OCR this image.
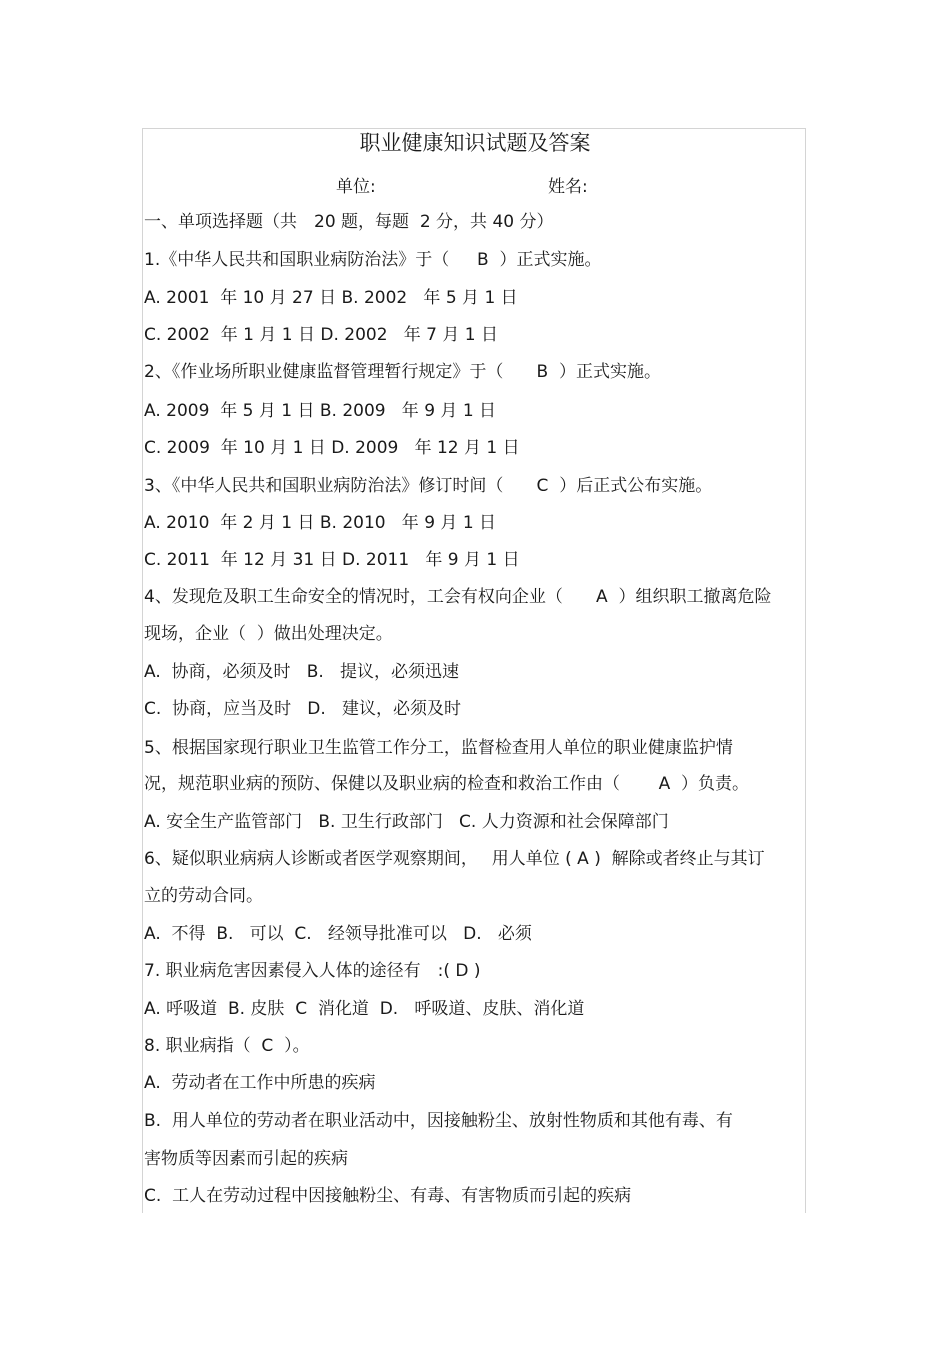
职业健康知识试题及答案
单位:	姓名:
一、单项选择题（共　20 题，每题  2 分，共 40 分）
1.《中华人民共和国职业病防治法》于（　  B  ）正式实施。
A. 2001  年 10 月 27 日 B. 2002   年 5 月 1 日
C. 2002  年 1 月 1 日 D. 2002   年 7 月 1 日
2、《作业场所职业健康监督管理暂行规定》于（　   B  ）正式实施。
A. 2009  年 5 月 1 日 B. 2009   年 9 月 1 日
C. 2009  年 10 月 1 日 D. 2009   年 12 月 1 日
3、《中华人民共和国职业病防治法》修订时间（　   C  ）后正式公布实施。
A. 2010  年 2 月 1 日 B. 2010   年 9 月 1 日
C. 2011  年 12 月 31 日 D. 2011   年 9 月 1 日
4、发现危及职工生命安全的情况时，工会有权向企业（　   A  ）组织职工撤离危险
现场，企业（  ）做出处理决定。
A.  协商，必须及时   B.   提议，必须迅速
C.  协商，应当及时   D.   建议，必须及时
5、根据国家现行职业卫生监管工作分工，监督检查用人单位的职业健康监护情
况，规范职业病的预防、保健以及职业病的检查和救治工作由（　    A  ）负责。
A. 安全生产监管部门   B. 卫生行政部门   C. 人力资源和社会保障部门
6、疑似职业病病人诊断或者医学观察期间，　 用人单位 ( A )  解除或者终止与其订
立的劳动合同。
A.  不得  B.   可以  C.   经领导批准可以   D.   必须
7. 职业病危害因素侵入人体的途径有　:( D )
A. 呼吸道  B. 皮肤  C  消化道  D.   呼吸道、皮肤、消化道
8. 职业病指（  C  ）。
A.  劳动者在工作中所患的疾病
B.  用人单位的劳动者在职业活动中，因接触粉尘、放射性物质和其他有毒、有
害物质等因素而引起的疾病
C.  工人在劳动过程中因接触粉尘、有毒、有害物质而引起的疾病
